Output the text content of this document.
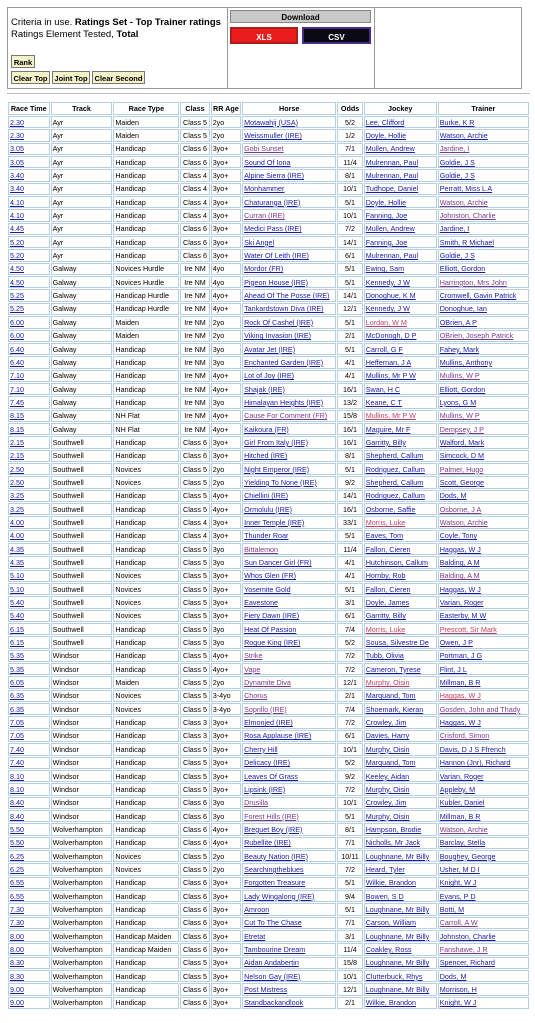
Criteria in use. Ratings Set - Top Trainer ratings
Ratings Element Tested, Total
Rank
Clear Top Joint Top Clear Second
Download
XLS	CSV
Race Time	Track	Race Type	Class	RR Age	Horse	Odds	Jockey	Trainer
2.30	Ayr	Maiden	Class 5	2yo	Motawahij (USA)	5/2	Lee, Clifford	Burke, K R
2.30	Ayr	Maiden	Class 5	2yo	Weissmuller (IRE)	1/2	Doyle, Hollie	Watson, Archie
3.05	Ayr	Handicap	Class 6	3yo+	Gobi Sunset	7/1	Mullen, Andrew	Jardine, I
3.05	Ayr	Handicap	Class 6	3yo+	Sound Of Iona	11/4	Mulrennan, Paul	Goldie, J S
3.40	Ayr	Handicap	Class 4	3yo+	Alpine Sierra (IRE)	8/1	Mulrennan, Paul	Goldie, J S
3.40	Ayr	Handicap	Class 4	3yo+	Monhammer	10/1	Tudhope, Daniel	Perratt, Miss L A
4.10	Ayr	Handicap	Class 4	3yo+	Chaturanga (IRE)	5/1	Doyle, Hollie	Watson, Archie
4.10	Ayr	Handicap	Class 4	3yo+	Curran (IRE)	10/1	Fanning, Joe	Johnston, Charlie
4.45	Ayr	Handicap	Class 6	3yo+	Medici Pass (IRE)	7/2	Mullen, Andrew	Jardine, I
5.20	Ayr	Handicap	Class 6	3yo+	Ski Angel	14/1	Fanning, Joe	Smith, R Michael
5.20	Ayr	Handicap	Class 6	3yo+	Water Of Leith (IRE)	6/1	Mulrennan, Paul	Goldie, J S
4.50	Galway	Novices Hurdle	Ire NM	4yo	Mordor (FR)	5/1	Ewing, Sam	Elliott, Gordon
4.50	Galway	Novices Hurdle	Ire NM	4yo	Pigeon House (IRE)	5/1	Kennedy, J W	Harrington, Mrs John
5.25	Galway	Handicap Hurdle	Ire NM	4yo+	Ahead Of The Posse (IRE)	14/1	Donoghue, K M	Cromwell, Gavin Patrick
5.25	Galway	Handicap Hurdle	Ire NM	4yo+	Tankardstown Diva (IRE)	12/1	Kennedy, J W	Donoghue, Ian
6.00	Galway	Maiden	Ire NM	2yo	Rock Of Cashel (IRE)	5/1	Lordan, W M	OBrien, A P
6.00	Galway	Maiden	Ire NM	2yo	Viking Invasion (IRE)	2/1	McDonogh, D P	OBrien, Joseph Patrick
6.40	Galway	Handicap	Ire NM	3yo	Avatar Jet (IRE)	5/1	Carroll, G F	Fahey, Mark
6.40	Galway	Handicap	Ire NM	3yo	Enchanted Garden (IRE)	4/1	Heffernan, J A	Mullins, Anthony
7.10	Galway	Handicap	Ire NM	4yo+	Lot of Joy (IRE)	4/1	Mullins, Mr P W	Mullins, W P
7.10	Galway	Handicap	Ire NM	4yo+	Shajak (IRE)	16/1	Swan, H C	Elliott, Gordon
7.45	Galway	Handicap	Ire NM	3yo	Himalayan Heights (IRE)	13/2	Keane, C T	Lyons, G M
8.15	Galway	NH Flat	Ire NM	4yo+	Cause For Comment (FR)	15/8	Mullins, Mr P W	Mullins, W P
8.15	Galway	NH Flat	Ire NM	4yo+	Kaikoura (FR)	16/1	Maguire, Mr F	Dempsey, J P
2.15	Southwell	Handicap	Class 6	3yo+	Girl From Italy (IRE)	16/1	Garritty, Billy	Walford, Mark
2.15	Southwell	Handicap	Class 6	3yo+	Hitched (IRE)	8/1	Shepherd, Callum	Simcock, D M
2.50	Southwell	Novices	Class 5	2yo	Night Emperor (IRE)	5/1	Rodriguez, Callum	Palmer, Hugo
2.50	Southwell	Novices	Class 5	2yo	Yielding To None (IRE)	9/2	Shepherd, Callum	Scott, George
3.25	Southwell	Handicap	Class 5	4yo+	Chiellini (IRE)	14/1	Rodriguez, Callum	Dods, M
3.25	Southwell	Handicap	Class 5	4yo+	Ormolulu (IRE)	16/1	Osborne, Saffie	Osborne, J A
4.00	Southwell	Handicap	Class 4	3yo+	Inner Temple (IRE)	33/1	Morris, Luke	Watson, Archie
4.00	Southwell	Handicap	Class 4	3yo+	Thunder Roar	5/1	Eaves, Tom	Coyle, Tony
4.35	Southwell	Handicap	Class 5	3yo	Bittalemon	11/4	Fallon, Cieren	Haggas, W J
4.35	Southwell	Handicap	Class 5	3yo	Sun Dancer Girl (FR)	4/1	Hutchinson, Callum	Balding, A M
5.10	Southwell	Novices	Class 5	3yo+	Whos Glen (FR)	4/1	Hornby, Rob	Balding, A M
5.10	Southwell	Novices	Class 5	3yo+	Yosemite Gold	5/1	Fallon, Cieren	Haggas, W J
5.40	Southwell	Novices	Class 5	3yo+	Eavestone	3/1	Doyle, James	Varian, Roger
5.40	Southwell	Novices	Class 5	3yo+	Fiery Dawn (IRE)	6/1	Garritty, Billy	Easterby, M W
6.15	Southwell	Handicap	Class 5	3yo	Heat Of Passion	7/4	Morris, Luke	Prescott, Sir Mark
6.15	Southwell	Handicap	Class 5	3yo	Rogue King (IRE)	5/2	Sousa, Silvestre De	Owen, J P
5.35	Windsor	Handicap	Class 5	4yo+	Strike	7/2	Tubb, Olivia	Portman, J G
5.35	Windsor	Handicap	Class 5	4yo+	Vape	7/2	Cameron, Tyrese	Flint, J L
6.05	Windsor	Maiden	Class 5	2yo	Dynamite Diva	12/1	Murphy, Oisin	Millman, B R
6.35	Windsor	Novices	Class 5	3-4yo	Chorus	2/1	Marquand, Tom	Haggas, W J
6.35	Windsor	Novices	Class 5	3-4yo	Soprillo (IRE)	7/4	Shoemark, Kieran	Gosden, John and Thady
7.05	Windsor	Handicap	Class 3	3yo+	Elmonjed (IRE)	7/2	Crowley, Jim	Haggas, W J
7.05	Windsor	Handicap	Class 3	3yo+	Rosa Applause (IRE)	6/1	Davies, Harry	Crisford, Simon
7.40	Windsor	Handicap	Class 5	3yo+	Cherry Hill	10/1	Murphy, Oisin	Davis, D J S Ffrench
7.40	Windsor	Handicap	Class 5	3yo+	Delicacy (IRE)	5/2	Marquand, Tom	Hannon (Jnr), Richard
8.10	Windsor	Handicap	Class 5	3yo+	Leaves Of Grass	9/2	Keeley, Aidan	Varian, Roger
8.10	Windsor	Handicap	Class 5	3yo+	Lipsink (IRE)	7/2	Murphy, Oisin	Appleby, M
8.40	Windsor	Handicap	Class 6	3yo	Drusilla	10/1	Crowley, Jim	Kubler, Daniel
8.40	Windsor	Handicap	Class 6	3yo	Forest Hills (IRE)	5/1	Murphy, Oisin	Millman, B R
5.50	Wolverhampton	Handicap	Class 6	4yo+	Breguet Boy (IRE)	8/1	Hampson, Brodie	Watson, Archie
5.50	Wolverhampton	Handicap	Class 6	4yo+	Rubellite (IRE)	7/1	Nicholls, Mr Jack	Barclay, Stella
6.25	Wolverhampton	Novices	Class 5	2yo	Beauty Nation (IRE)	10/11	Loughnane, Mr Billy	Boughey, George
6.25	Wolverhampton	Novices	Class 5	2yo	Searchingtheblues	7/2	Heard, Tyler	Usher, M D I
6.55	Wolverhampton	Handicap	Class 6	3yo+	Forgotten Treasure	5/1	Wilkie, Brandon	Knight, W J
6.55	Wolverhampton	Handicap	Class 6	3yo+	Lady Wingalong (IRE)	9/4	Bowen, S D	Evans, P D
7.30	Wolverhampton	Handicap	Class 6	3yo+	Amroon	5/1	Loughnane, Mr Billy	Botti, M
7.30	Wolverhampton	Handicap	Class 6	3yo+	Cut To The Chase	7/1	Carson, William	Carroll, A W
8.00	Wolverhampton	Handicap Maiden	Class 6	3yo+	Etretat	3/1	Loughnane, Mr Billy	Johnston, Charlie
8.00	Wolverhampton	Handicap Maiden	Class 6	3yo+	Tambourine Dream	11/4	Coakley, Ross	Fanshawe, J R
8.30	Wolverhampton	Handicap	Class 5	3yo+	Aidan Andabertin	15/8	Loughnane, Mr Billy	Spencer, Richard
8.30	Wolverhampton	Handicap	Class 5	3yo+	Nelson Gay (IRE)	10/1	Clutterbuck, Rhys	Dods, M
9.00	Wolverhampton	Handicap	Class 6	3yo+	Post Mistress	12/1	Loughnane, Mr Billy	Morrison, H
9.00	Wolverhampton	Handicap	Class 6	3yo+	Standbackandlook	2/1	Wilkie, Brandon	Knight, W J
